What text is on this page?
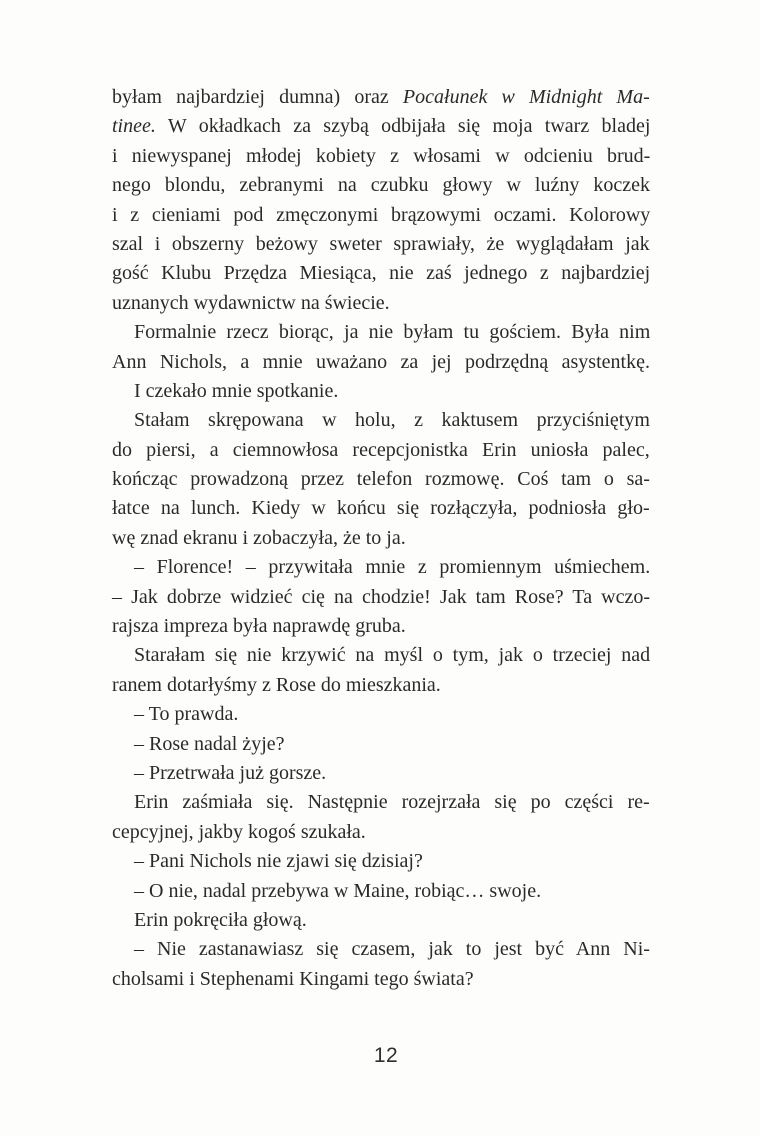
byłam najbardziej dumna) oraz Pocałunek w Midnight Ma-
tinee. W okładkach za szybą odbijała się moja twarz bladej
i niewyspanej młodej kobiety z włosami w odcieniu brud-
nego blondu, zebranymi na czubku głowy w luźny koczek
i z cieniami pod zmęczonymi brązowymi oczami. Kolorowy
szal i obszerny beżowy sweter sprawiały, że wyglądałam jak
gość Klubu Przędza Miesiąca, nie zaś jednego z najbardziej
uznanych wydawnictw na świecie.
Formalnie rzecz biorąc, ja nie byłam tu gościem. Była nim
Ann Nichols, a mnie uważano za jej podrzędną asystentkę.
I czekało mnie spotkanie.
Stałam skrępowana w holu, z kaktusem przyciśniętym
do piersi, a ciemnowłosa recepcjonistka Erin uniosła palec,
kończąc prowadzoną przez telefon rozmowę. Coś tam o sa-
łatce na lunch. Kiedy w końcu się rozłączyła, podniosła gło-
wę znad ekranu i zobaczyła, że to ja.
– Florence! – przywitała mnie z promiennym uśmiechem.
– Jak dobrze widzieć cię na chodzie! Jak tam Rose? Ta wczo-
rajsza impreza była naprawdę gruba.
Starałam się nie krzywić na myśl o tym, jak o trzeciej nad
ranem dotarłyśmy z Rose do mieszkania.
– To prawda.
– Rose nadal żyje?
– Przetrwała już gorsze.
Erin zaśmiała się. Następnie rozejrzała się po części re-
cepcyjnej, jakby kogoś szukała.
– Pani Nichols nie zjawi się dzisiaj?
– O nie, nadal przebywa w Maine, robiąc… swoje.
Erin pokręciła głową.
– Nie zastanawiasz się czasem, jak to jest być Ann Ni-
cholsami i Stephenami Kingami tego świata?
12
